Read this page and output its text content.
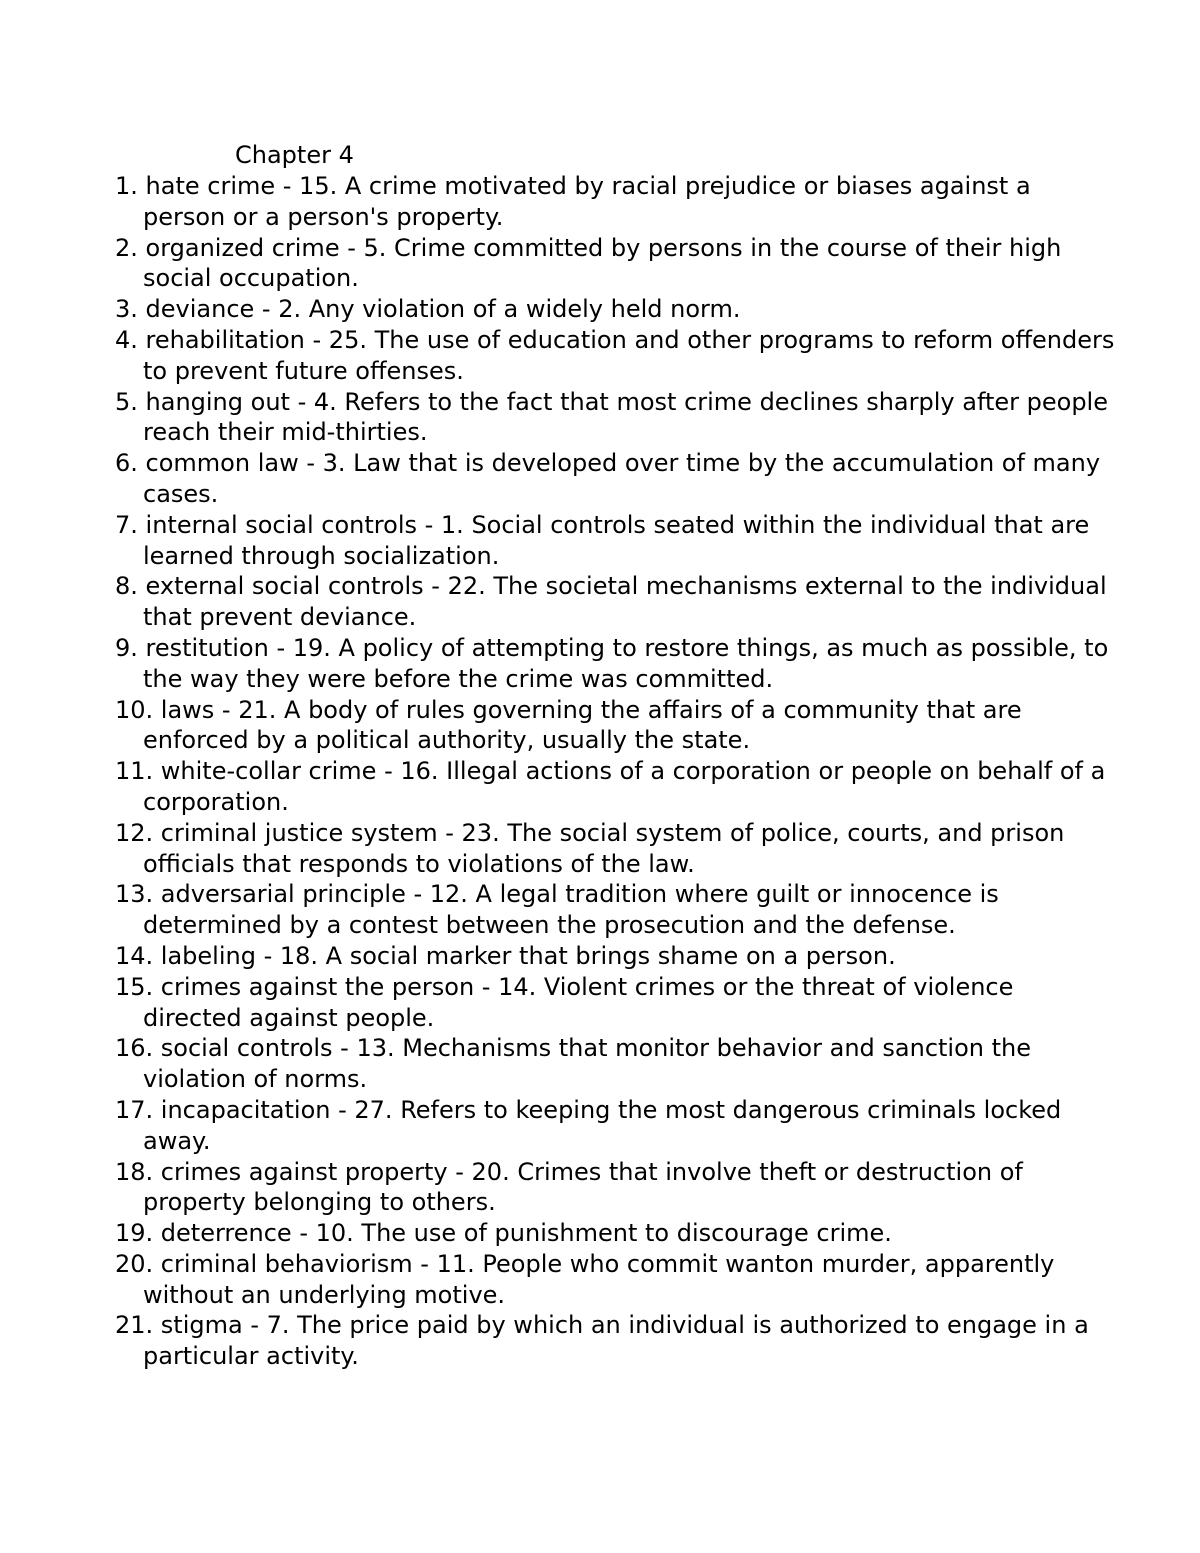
Chapter 4
1. hate crime - 15. A crime motivated by racial prejudice or biases against a person or a person's property.
2. organized crime - 5. Crime committed by persons in the course of their high social occupation.
3. deviance - 2. Any violation of a widely held norm.
4. rehabilitation - 25. The use of education and other programs to reform offenders to prevent future offenses.
5. hanging out - 4. Refers to the fact that most crime declines sharply after people reach their mid-thirties.
6. common law - 3. Law that is developed over time by the accumulation of many cases.
7. internal social controls - 1. Social controls seated within the individual that are learned through socialization.
8. external social controls - 22. The societal mechanisms external to the individual that prevent deviance.
9. restitution - 19. A policy of attempting to restore things, as much as possible, to the way they were before the crime was committed.
10. laws - 21. A body of rules governing the affairs of a community that are enforced by a political authority, usually the state.
11. white-collar crime - 16. Illegal actions of a corporation or people on behalf of a corporation.
12. criminal justice system - 23. The social system of police, courts, and prison officials that responds to violations of the law.
13. adversarial principle - 12. A legal tradition where guilt or innocence is determined by a contest between the prosecution and the defense.
14. labeling - 18. A social marker that brings shame on a person.
15. crimes against the person - 14. Violent crimes or the threat of violence directed against people.
16. social controls - 13. Mechanisms that monitor behavior and sanction the violation of norms.
17. incapacitation - 27. Refers to keeping the most dangerous criminals locked away.
18. crimes against property - 20. Crimes that involve theft or destruction of property belonging to others.
19. deterrence - 10. The use of punishment to discourage crime.
20. criminal behaviorism - 11. People who commit wanton murder, apparently without an underlying motive.
21. stigma - 7. The price paid by which an individual is authorized to engage in a particular activity.
